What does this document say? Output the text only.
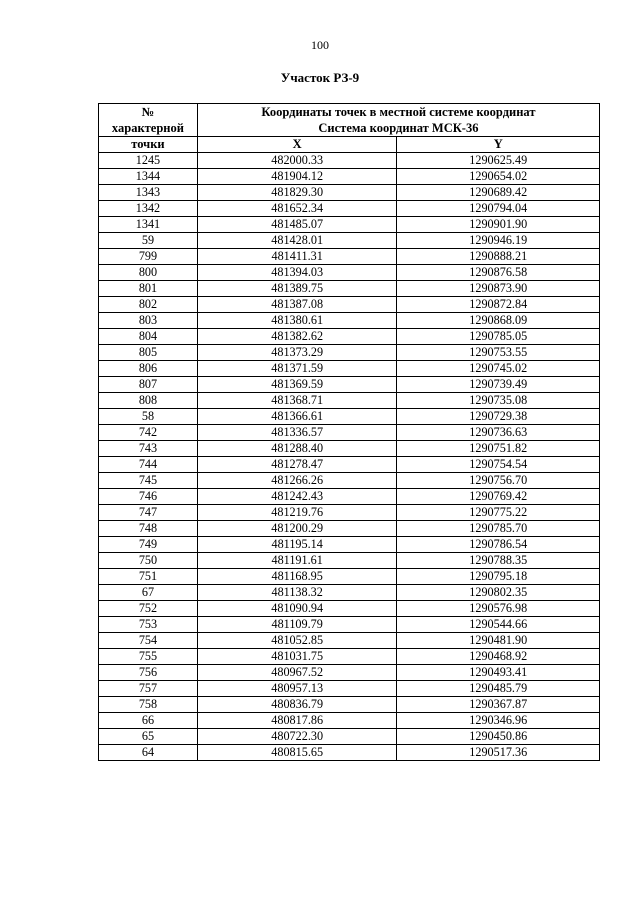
100
Участок РЗ-9
№
характерной	Координаты точек в местной системе координат
Система координат МСК-36	

точки	X	Y
1245	482000.33	1290625.49
1344	481904.12	1290654.02
1343	481829.30	1290689.42
1342	481652.34	1290794.04
1341	481485.07	1290901.90
59	481428.01	1290946.19
799	481411.31	1290888.21
800	481394.03	1290876.58
801	481389.75	1290873.90
802	481387.08	1290872.84
803	481380.61	1290868.09
804	481382.62	1290785.05
805	481373.29	1290753.55
806	481371.59	1290745.02
807	481369.59	1290739.49
808	481368.71	1290735.08
58	481366.61	1290729.38
742	481336.57	1290736.63
743	481288.40	1290751.82
744	481278.47	1290754.54
745	481266.26	1290756.70
746	481242.43	1290769.42
747	481219.76	1290775.22
748	481200.29	1290785.70
749	481195.14	1290786.54
750	481191.61	1290788.35
751	481168.95	1290795.18
67	481138.32	1290802.35
752	481090.94	1290576.98
753	481109.79	1290544.66
754	481052.85	1290481.90
755	481031.75	1290468.92
756	480967.52	1290493.41
757	480957.13	1290485.79
758	480836.79	1290367.87
66	480817.86	1290346.96
65	480722.30	1290450.86
64	480815.65	1290517.36
